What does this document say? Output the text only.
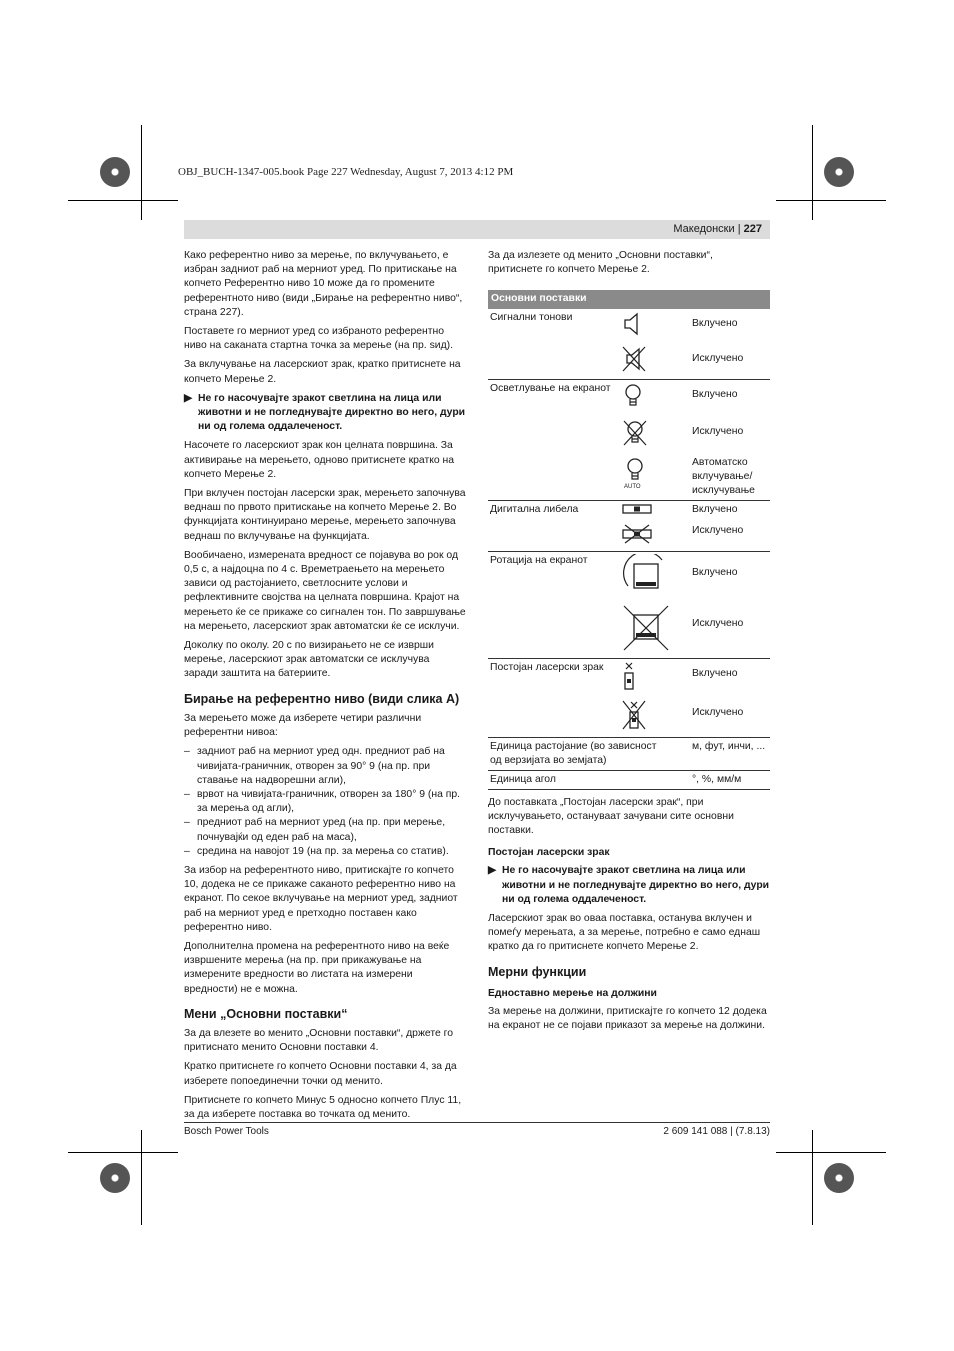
OBJ_BUCH-1347-005.book Page 227 Wednesday, August 7, 2013 4:12 PM
Македонски | 227

Како референтно ниво за мерење, по вклучувањето, е избран задниот раб на мерниот уред. По притискање на копчето Референтно ниво 10 може да го промените референтното ниво (види „Бирање на референтно ниво“, страна 227).

Поставете го мерниот уред со избраното референтно ниво на саканата стартна точка за мерење (на пр. ѕид).

За вклучување на ласерскиот зрак, кратко притиснете на копчето Мерење 2.

▶ Не го насочувајте зракот светлина на лица или животни и не погледнувајте директно во него, дури ни од голема оддалеченост.

Насочете го ласерскиот зрак кон целната површина. За активирање на мерењето, одново притиснете кратко на копчето Мерење 2.

При вклучен постојан ласерски зрак, мерењето започнува веднаш по првото притискање на копчето Мерење 2. Во функцијата континуирано мерење, мерењето започнува веднаш по вклучување на функцијата.

Вообичаено, измерената вредност се појавува во рок од 0,5 с, а најдоцна по 4 с. Времетраењето на мерењето зависи од растојанието, светлосните услови и рефлективните својства на целната површина. Крајот на мерењето ќе се прикаже со сигнален тон. По завршување на мерењето, ласерскиот зрак автоматски ќе се исклучи.

Доколку по околу. 20 с по визирањето не се изврши мерење, ласерскиот зрак автоматски се исклучува заради заштита на батериите.

Бирање на референтно ниво (види слика A)

За мерењето може да изберете четири различни референтни нивоа:

– задниот раб на мерниот уред одн. предниот раб на чивијата-граничник, отворен за 90° 9 (на пр. при ставање на надворешни агли),
– врвот на чивијата-граничник, отворен за 180° 9 (на пр. за мерења од агли),
– предниот раб на мерниот уред (на пр. при мерење, почнувајќи од еден раб на маса),
– средина на навојот 19 (на пр. за мерења со статив).

За избор на референтното ниво, притискајте го копчето 10, додека не се прикаже саканото референтно ниво на екранот. По секое вклучување на мерниот уред, задниот раб на мерниот уред е претходно поставен како референтно ниво.

Дополнителна промена на референтното ниво на веќе извршените мерења (на пр. при прикажување на измерените вредности во листата на измерени вредности) не е можна.

Мени „Основни поставки“

За да влезете во менито „Основни поставки“, држете го притиснато менито Основни поставки 4.

Кратко притиснете го копчето Основни поставки 4, за да изберете попоединечни точки од менито.

Притиснете го копчето Минус 5 односно копчето Плус 11, за да изберете поставка во точката од менито.

За да излезете од менито „Основни поставки“, притиснете го копчето Мерење 2.

Основни поставки
Сигнални тонови		Вклучено
		Исклучено
Осветлување на екранот		Вклучено
		Исклучено

AUTO	Автоматско вклучување/исклучување
Дигитална либела		Вклучено
		Исклучено
Ротација на екранот		Вклучено
		Исклучено
Постојан ласерски зрак		Вклучено
		Исклучено
Единица растојание (во зависност од верзијата во земјата)		м, фут, инчи, ...
Единица агол		°, %, мм/м

До поставката „Постојан ласерски зрак“, при исклучувањето, остануваат зачувани сите основни поставки.

Постојан ласерски зрак
▶ Не го насочувајте зракот светлина на лица или животни и не погледнувајте директно во него, дури ни од голема оддалеченост.

Ласерскиот зрак во оваа поставка, останува вклучен и помеѓу мерењата, а за мерење, потребно е само еднаш кратко да го притиснете копчето Мерење 2.

Мерни функции
Едноставно мерење на должини

За мерење на должини, притискајте го копчето 12 додека на екранот не се појави приказот за мерење на должини.

Bosch Power Tools	2 609 141 088 | (7.8.13)
